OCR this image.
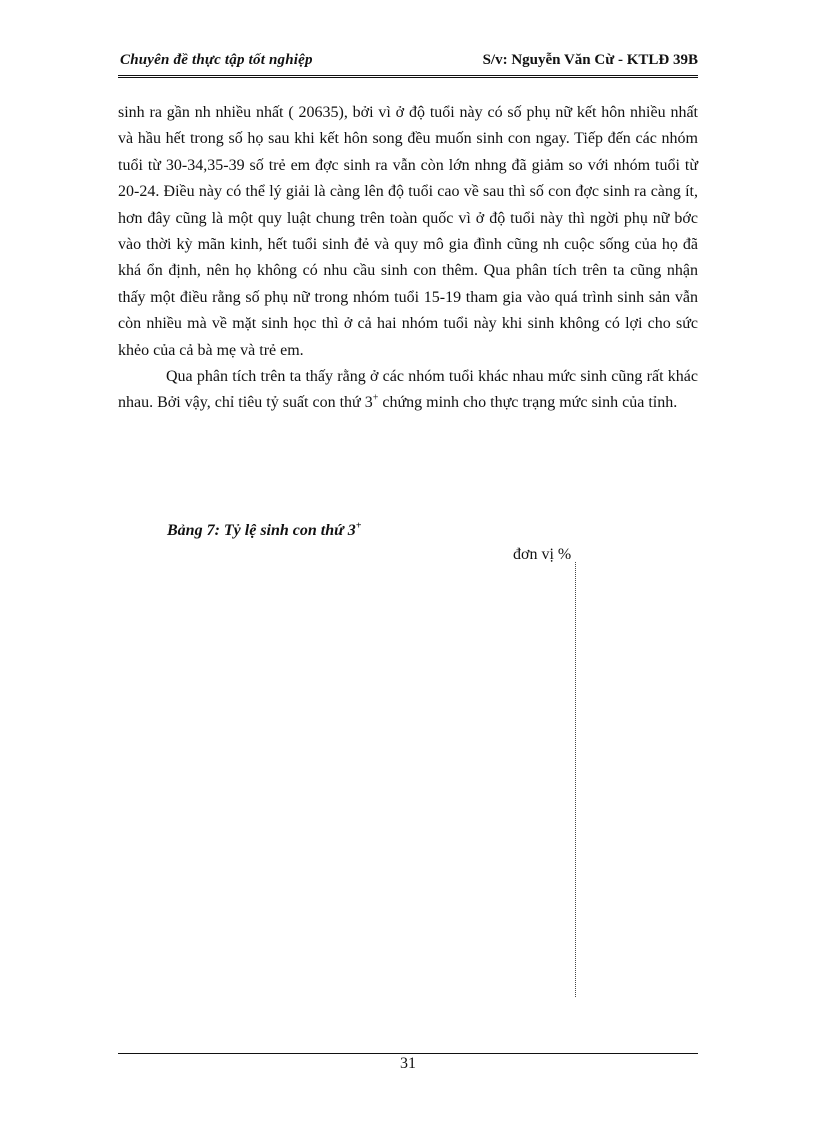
Chuyên đề thực tập tốt nghiệp	S/v: Nguyễn Văn Cừ - KTLĐ 39B

sinh ra gần nh nhiều nhất ( 20635), bởi vì ở độ tuổi này có số phụ nữ kết hôn nhiều nhất và hầu hết trong số họ sau khi kết hôn song đều muốn sinh con ngay. Tiếp đến các nhóm tuổi từ 30-34,35-39 số trẻ em đợc sinh ra vẫn còn lớn nhng đã giảm so với nhóm tuổi từ 20-24. Điều này có thể lý giải là càng lên độ tuổi cao về sau thì số con đợc sinh ra càng ít, hơn đây cũng là một quy luật chung trên toàn quốc vì ở độ tuổi này thì ngời phụ nữ bớc vào thời kỳ mãn kinh, hết tuổi sinh đẻ và quy mô gia đình cũng nh cuộc sống của họ đã khá ổn định, nên họ không có nhu cầu sinh con thêm. Qua phân tích trên ta cũng nhận thấy một điều rằng số phụ nữ trong nhóm tuổi 15-19 tham gia vào quá trình sinh sản vẫn còn nhiều mà về mặt sinh học thì ở cả hai nhóm tuổi này khi sinh không có lợi cho sức khẻo của cả bà mẹ và trẻ em.

Qua phân tích trên ta thấy rằng ở các nhóm tuổi khác nhau mức sinh cũng rất khác nhau. Bởi vậy, chỉ tiêu tỷ suất con thứ 3+ chứng minh cho thực trạng mức sinh của tỉnh.

Bảng 7: Tỷ lệ sinh con thứ 3+
đơn vị %
31
